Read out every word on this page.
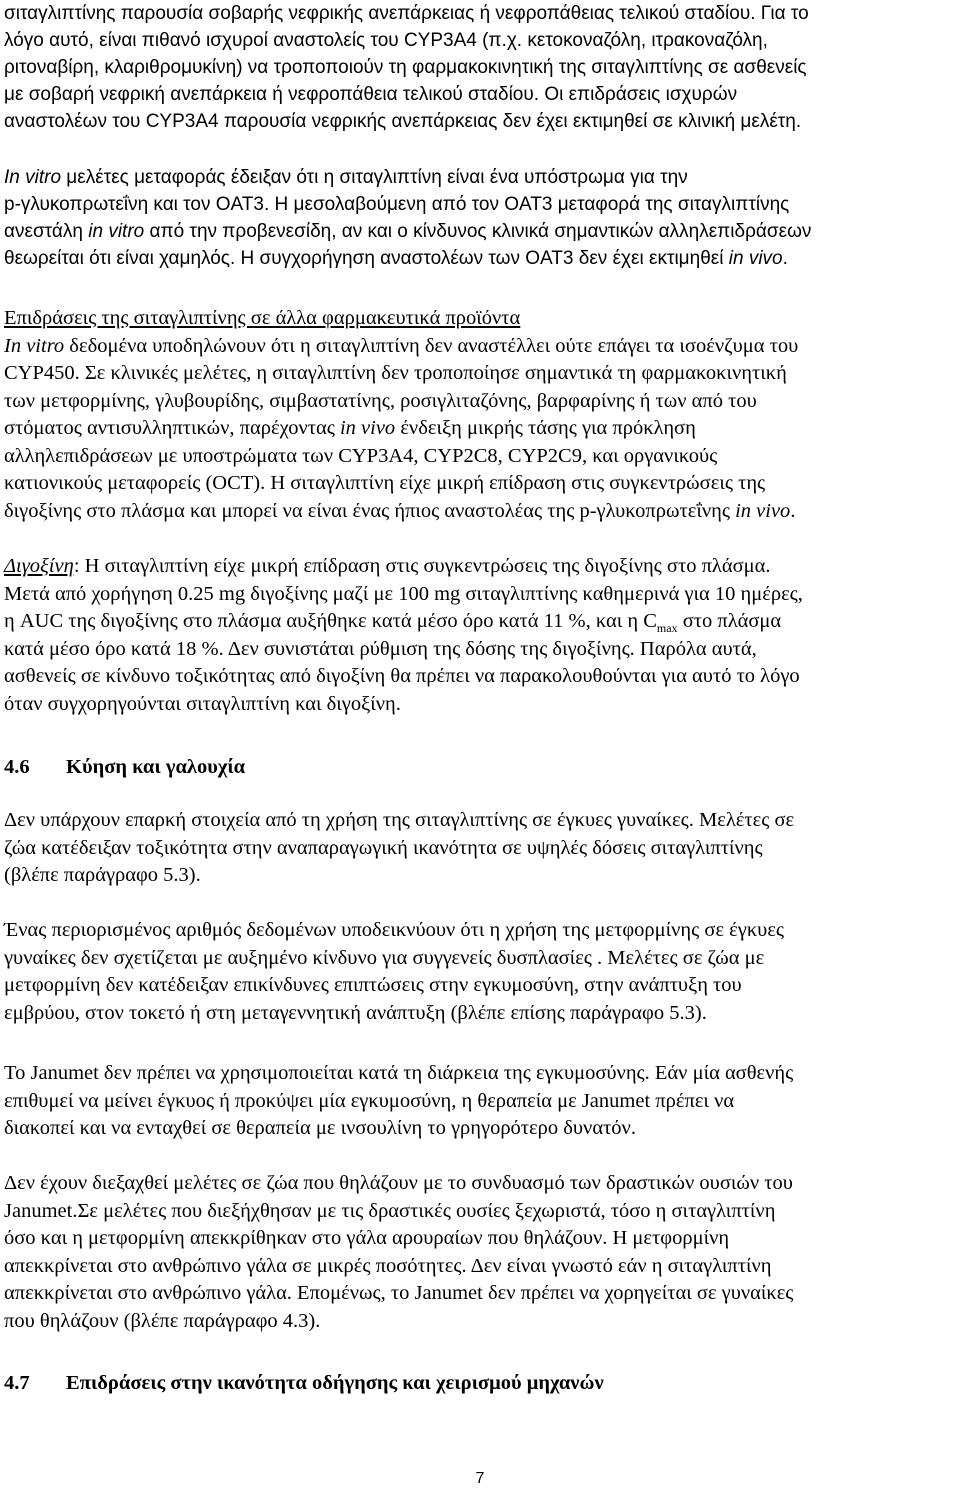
σιταγλιπτίνης παρουσία σοβαρής νεφρικής ανεπάρκειας ή νεφροπάθειας τελικού σταδίου. Για το
λόγο αυτό, είναι πιθανό ισχυροί αναστολείς του CYP3A4 (π.χ. κετοκοναζόλη, ιτρακοναζόλη,
ριτοναβίρη, κλαριθρομυκίνη) να τροποποιούν τη φαρμακοκινητική της σιταγλιπτίνης σε ασθενείς
με σοβαρή νεφρική ανεπάρκεια ή νεφροπάθεια τελικού σταδίου. Οι επιδράσεις ισχυρών
αναστολέων του CYP3A4 παρουσία νεφρικής ανεπάρκειας δεν έχει εκτιμηθεί σε κλινική μελέτη.
In vitro μελέτες μεταφοράς έδειξαν ότι η σιταγλιπτίνη είναι ένα υπόστρωμα για την
p-γλυκοπρωτεΐνη και τον OAT3. Η μεσολαβούμενη από τον OAT3 μεταφορά της σιταγλιπτίνης
ανεστάλη in vitro από την προβενεσίδη, αν και ο κίνδυνος κλινικά σημαντικών αλληλεπιδράσεων
θεωρείται ότι είναι χαμηλός. Η συγχορήγηση αναστολέων των OAT3 δεν έχει εκτιμηθεί in vivo.
Επιδράσεις της σιταγλιπτίνης σε άλλα φαρμακευτικά προϊόντα
In vitro δεδομένα υποδηλώνουν ότι η σιταγλιπτίνη δεν αναστέλλει ούτε επάγει τα ισοένζυμα του
CYP450. Σε κλινικές μελέτες, η σιταγλιπτίνη δεν τροποποίησε σημαντικά τη φαρμακοκινητική
των μετφορμίνης, γλυβουρίδης, σιμβαστατίνης, ροσιγλιταζόνης, βαρφαρίνης ή των από του
στόματος αντισυλληπτικών, παρέχοντας in vivo ένδειξη μικρής τάσης για πρόκληση
αλληλεπιδράσεων με υποστρώματα των CYP3A4, CYP2C8, CYP2C9, και οργανικούς
κατιονικούς μεταφορείς (OCT). Η σιταγλιπτίνη είχε μικρή επίδραση στις συγκεντρώσεις της
διγοξίνης στο πλάσμα και μπορεί να είναι ένας ήπιος αναστολέας της p-γλυκοπρωτεΐνης in vivo.
Διγοξίνη: Η σιταγλιπτίνη είχε μικρή επίδραση στις συγκεντρώσεις της διγοξίνης στο πλάσμα.
Μετά από χορήγηση 0.25 mg διγοξίνης μαζί με 100 mg σιταγλιπτίνης καθημερινά για 10 ημέρες,
η AUC της διγοξίνης στο πλάσμα αυξήθηκε κατά μέσο όρο κατά 11 %, και η $C_{max}$ στο πλάσμα
κατά μέσο όρο κατά 18 %. Δεν συνιστάται ρύθμιση της δόσης της διγοξίνης. Παρόλα αυτά,
ασθενείς σε κίνδυνο τοξικότητας από διγοξίνη θα πρέπει να παρακολουθούνται για αυτό το λόγο
όταν συγχορηγούνται σιταγλιπτίνη και διγοξίνη.
4.6 Κύηση και γαλουχία
Δεν υπάρχουν επαρκή στοιχεία από τη χρήση της σιταγλιπτίνης σε έγκυες γυναίκες. Μελέτες σε
ζώα κατέδειξαν τοξικότητα στην αναπαραγωγική ικανότητα σε υψηλές δόσεις σιταγλιπτίνης
(βλέπε παράγραφο 5.3).
Ένας περιορισμένος αριθμός δεδομένων υποδεικνύουν ότι η χρήση της μετφορμίνης σε έγκυες
γυναίκες δεν σχετίζεται με αυξημένο κίνδυνο για συγγενείς δυσπλασίες . Μελέτες σε ζώα με
μετφορμίνη δεν κατέδειξαν επικίνδυνες επιπτώσεις στην εγκυμοσύνη, στην ανάπτυξη του
εμβρύου, στον τοκετό ή στη μεταγεννητική ανάπτυξη (βλέπε επίσης παράγραφο 5.3).
Το Janumet δεν πρέπει να χρησιμοποιείται κατά τη διάρκεια της εγκυμοσύνης. Εάν μία ασθενής
επιθυμεί να μείνει έγκυος ή προκύψει μία εγκυμοσύνη, η θεραπεία με Janumet πρέπει να
διακοπεί και να ενταχθεί σε θεραπεία με ινσουλίνη το γρηγορότερο δυνατόν.
Δεν έχουν διεξαχθεί μελέτες σε ζώα που θηλάζουν με το συνδυασμό των δραστικών ουσιών του
Janumet.Σε μελέτες που διεξήχθησαν με τις δραστικές ουσίες ξεχωριστά, τόσο η σιταγλιπτίνη
όσο και η μετφορμίνη απεκκρίθηκαν στο γάλα αρουραίων που θηλάζουν. Η μετφορμίνη
απεκκρίνεται στο ανθρώπινο γάλα σε μικρές ποσότητες. Δεν είναι γνωστό εάν η σιταγλιπτίνη
απεκκρίνεται στο ανθρώπινο γάλα. Επομένως, το Janumet δεν πρέπει να χορηγείται σε γυναίκες
που θηλάζουν (βλέπε παράγραφο 4.3).
4.7 Επιδράσεις στην ικανότητα οδήγησης και χειρισμού μηχανών
7
